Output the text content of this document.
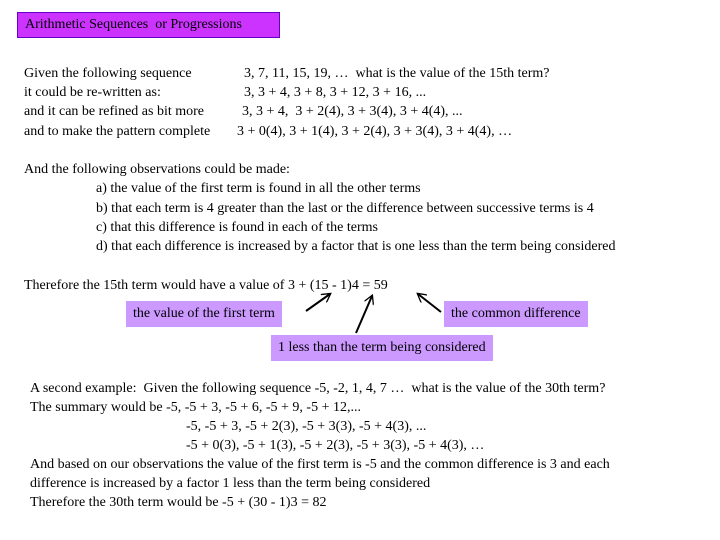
Arithmetic Sequences  or Progressions
Given the following sequence	3, 7, 11, 15, 19, …  what is the value of the 15th term?
it could be re-written as:	3, 3 + 4, 3 + 8, 3 + 12, 3 + 16, ...
and it can be refined as bit more	3, 3 + 4,  3 + 2(4), 3 + 3(4), 3 + 4(4), ...
and to make the pattern complete 3 + 0(4), 3 + 1(4), 3 + 2(4), 3 + 3(4), 3 + 4(4), …
And the following observations could be made:
a) the value of the first term is found in all the other terms
b) that each term is 4 greater than the last or the difference between successive terms is 4
c) that this difference is found in each of the terms
d) that each difference is increased by a factor that is one less than the term being considered
Therefore the 15th term would have a value of 3 + (15 - 1)4 = 59
the value of the first term	the common difference
1 less than the term being considered
A second example:  Given the following sequence -5, -2, 1, 4, 7 …  what is the value of the 30th term?
The summary would be -5, -5 + 3, -5 + 6, -5 + 9, -5 + 12,...
-5, -5 + 3, -5 + 2(3), -5 + 3(3), -5 + 4(3), ...
-5 + 0(3), -5 + 1(3), -5 + 2(3), -5 + 3(3), -5 + 4(3), …
And based on our observations the value of the first term is -5 and the common difference is 3 and each
difference is increased by a factor 1 less than the term being considered
Therefore the 30th term would be -5 + (30 - 1)3 = 82
